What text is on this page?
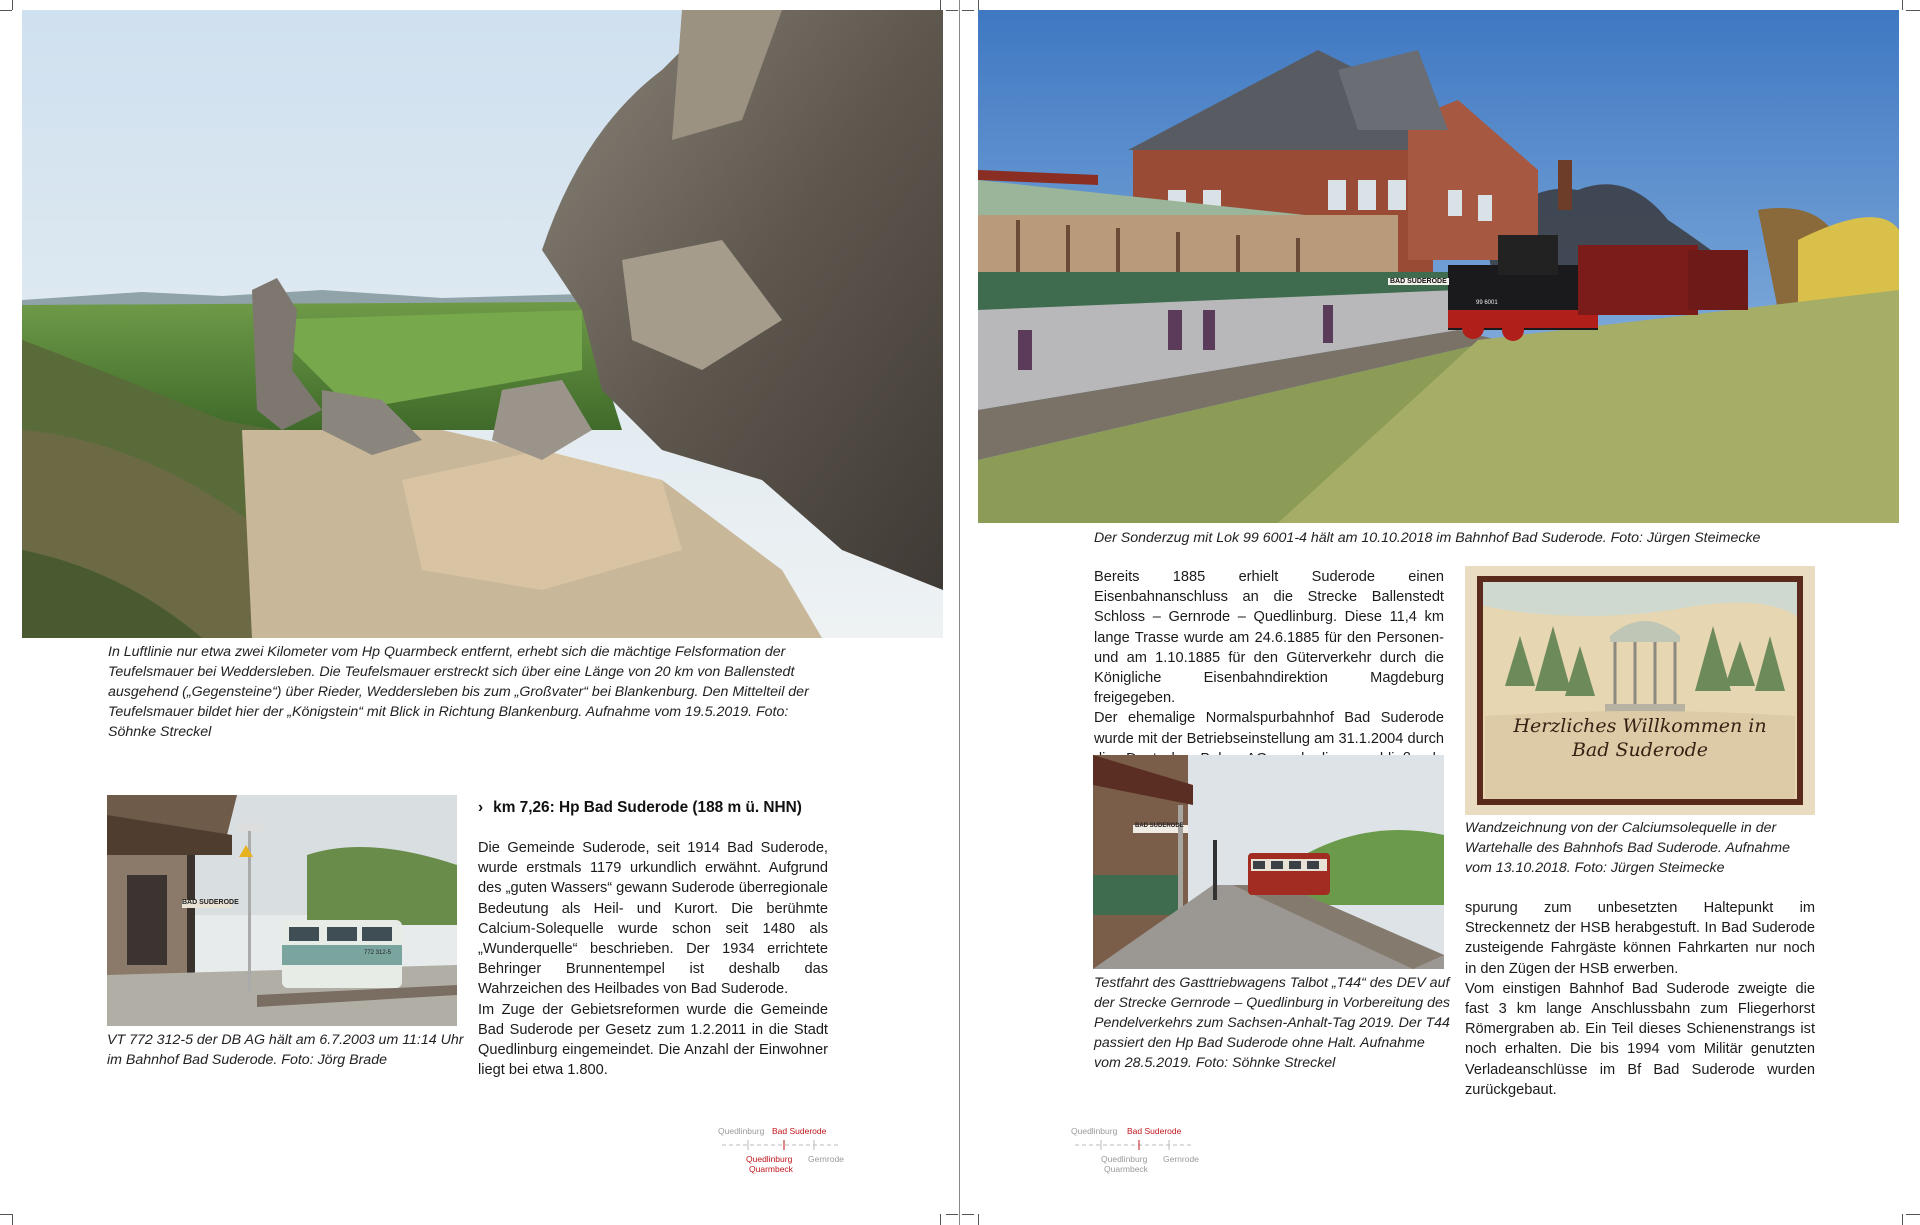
In Luftlinie nur etwa zwei Kilometer vom Hp Quarmbeck entfernt, erhebt sich die mächtige Felsformation der Teufelsmauer bei Weddersleben. Die Teufelsmauer erstreckt sich über eine Länge von 20 km von Ballenstedt ausgehend („Gegensteine“) über Rieder, Weddersleben bis zum „Großvater“ bei Blankenburg. Den Mittelteil der Teufelsmauer bildet hier der „Königstein“ mit Blick in Richtung Blankenburg. Aufnahme vom 19.5.2019. Foto: Söhnke Streckel
BAD SUDERODE
772 312-5
VT 772 312-5 der DB AG hält am 6.7.2003 um 11:14 Uhr im Bahnhof Bad Suderode. Foto: Jörg Brade
› km 7,26: Hp Bad Suderode (188 m ü. NHN)

Die Gemeinde Suderode, seit 1914 Bad Suderode, wurde erstmals 1179 urkundlich erwähnt. Aufgrund des „guten Wassers“ gewann Suderode überregionale Bedeutung als Heil- und Kurort. Die berühmte Calcium-Solequelle wurde schon seit 1480 als „Wunderquelle“ beschrieben. Der 1934 errichtete Behringer Brunnentempel ist deshalb das Wahrzeichen des Heilbades von Bad Suderode.

Im Zuge der Gebietsreformen wurde die Gemeinde Bad Suderode per Gesetz zum 1.2.2011 in die Stadt Quedlinburg eingemeindet. Die Anzahl der Einwohner liegt bei etwa 1.800.

Quedlinburg Bad Suderode
Quedlinburg
Quarmbeck
Gernrode
BAD SUDERODE
99 6001
Der Sonderzug mit Lok 99 6001-4 hält am 10.10.2018 im Bahnhof Bad Suderode. Foto: Jürgen Steimecke

Bereits 1885 erhielt Suderode einen Eisenbahnanschluss an die Strecke Ballenstedt Schloss – Gernrode – Quedlinburg. Diese 11,4 km lange Trasse wurde am 24.6.1885 für den Personen- und am 1.10.1885 für den Güterverkehr durch die Königliche Eisenbahndirektion Magdeburg freigegeben.

Der ehemalige Normalspurbahnhof Bad Suderode wurde mit der Betriebseinstellung am 31.1.2004 durch

Herzliches Willkommen in
Bad Suderode
Wandzeichnung von der Calciumsolequelle in der Wartehalle des Bahnhofs Bad Suderode. Aufnahme vom 13.10.2018. Foto: Jürgen Steimecke
BAD SUDERODE
Testfahrt des Gasttriebwagens Talbot „T44“ des DEV auf der Strecke Gernrode – Quedlinburg in Vorbereitung des Pendelverkehrs zum Sachsen-Anhalt-Tag 2019. Der T44 passiert den Hp Bad Suderode ohne Halt. Aufnahme vom 28.5.2019. Foto: Söhnke Streckel

spurung zum unbesetzten Haltepunkt im Streckennetz der HSB herabgestuft. In Bad Suderode zusteigende Fahrgäste können Fahrkarten nur noch in den Zügen der HSB erwerben.

Vom einstigen Bahnhof Bad Suderode zweigte die fast 3 km lange Anschlussbahn zum Fliegerhorst Römergraben ab. Ein Teil dieses Schienenstrangs ist noch erhalten. Die bis 1994 vom Militär genutzten Verladeanschlüsse im Bf Bad Suderode wurden zurückgebaut.

Quedlinburg Bad Suderode
Quedlinburg
Quarmbeck
Gernrode
